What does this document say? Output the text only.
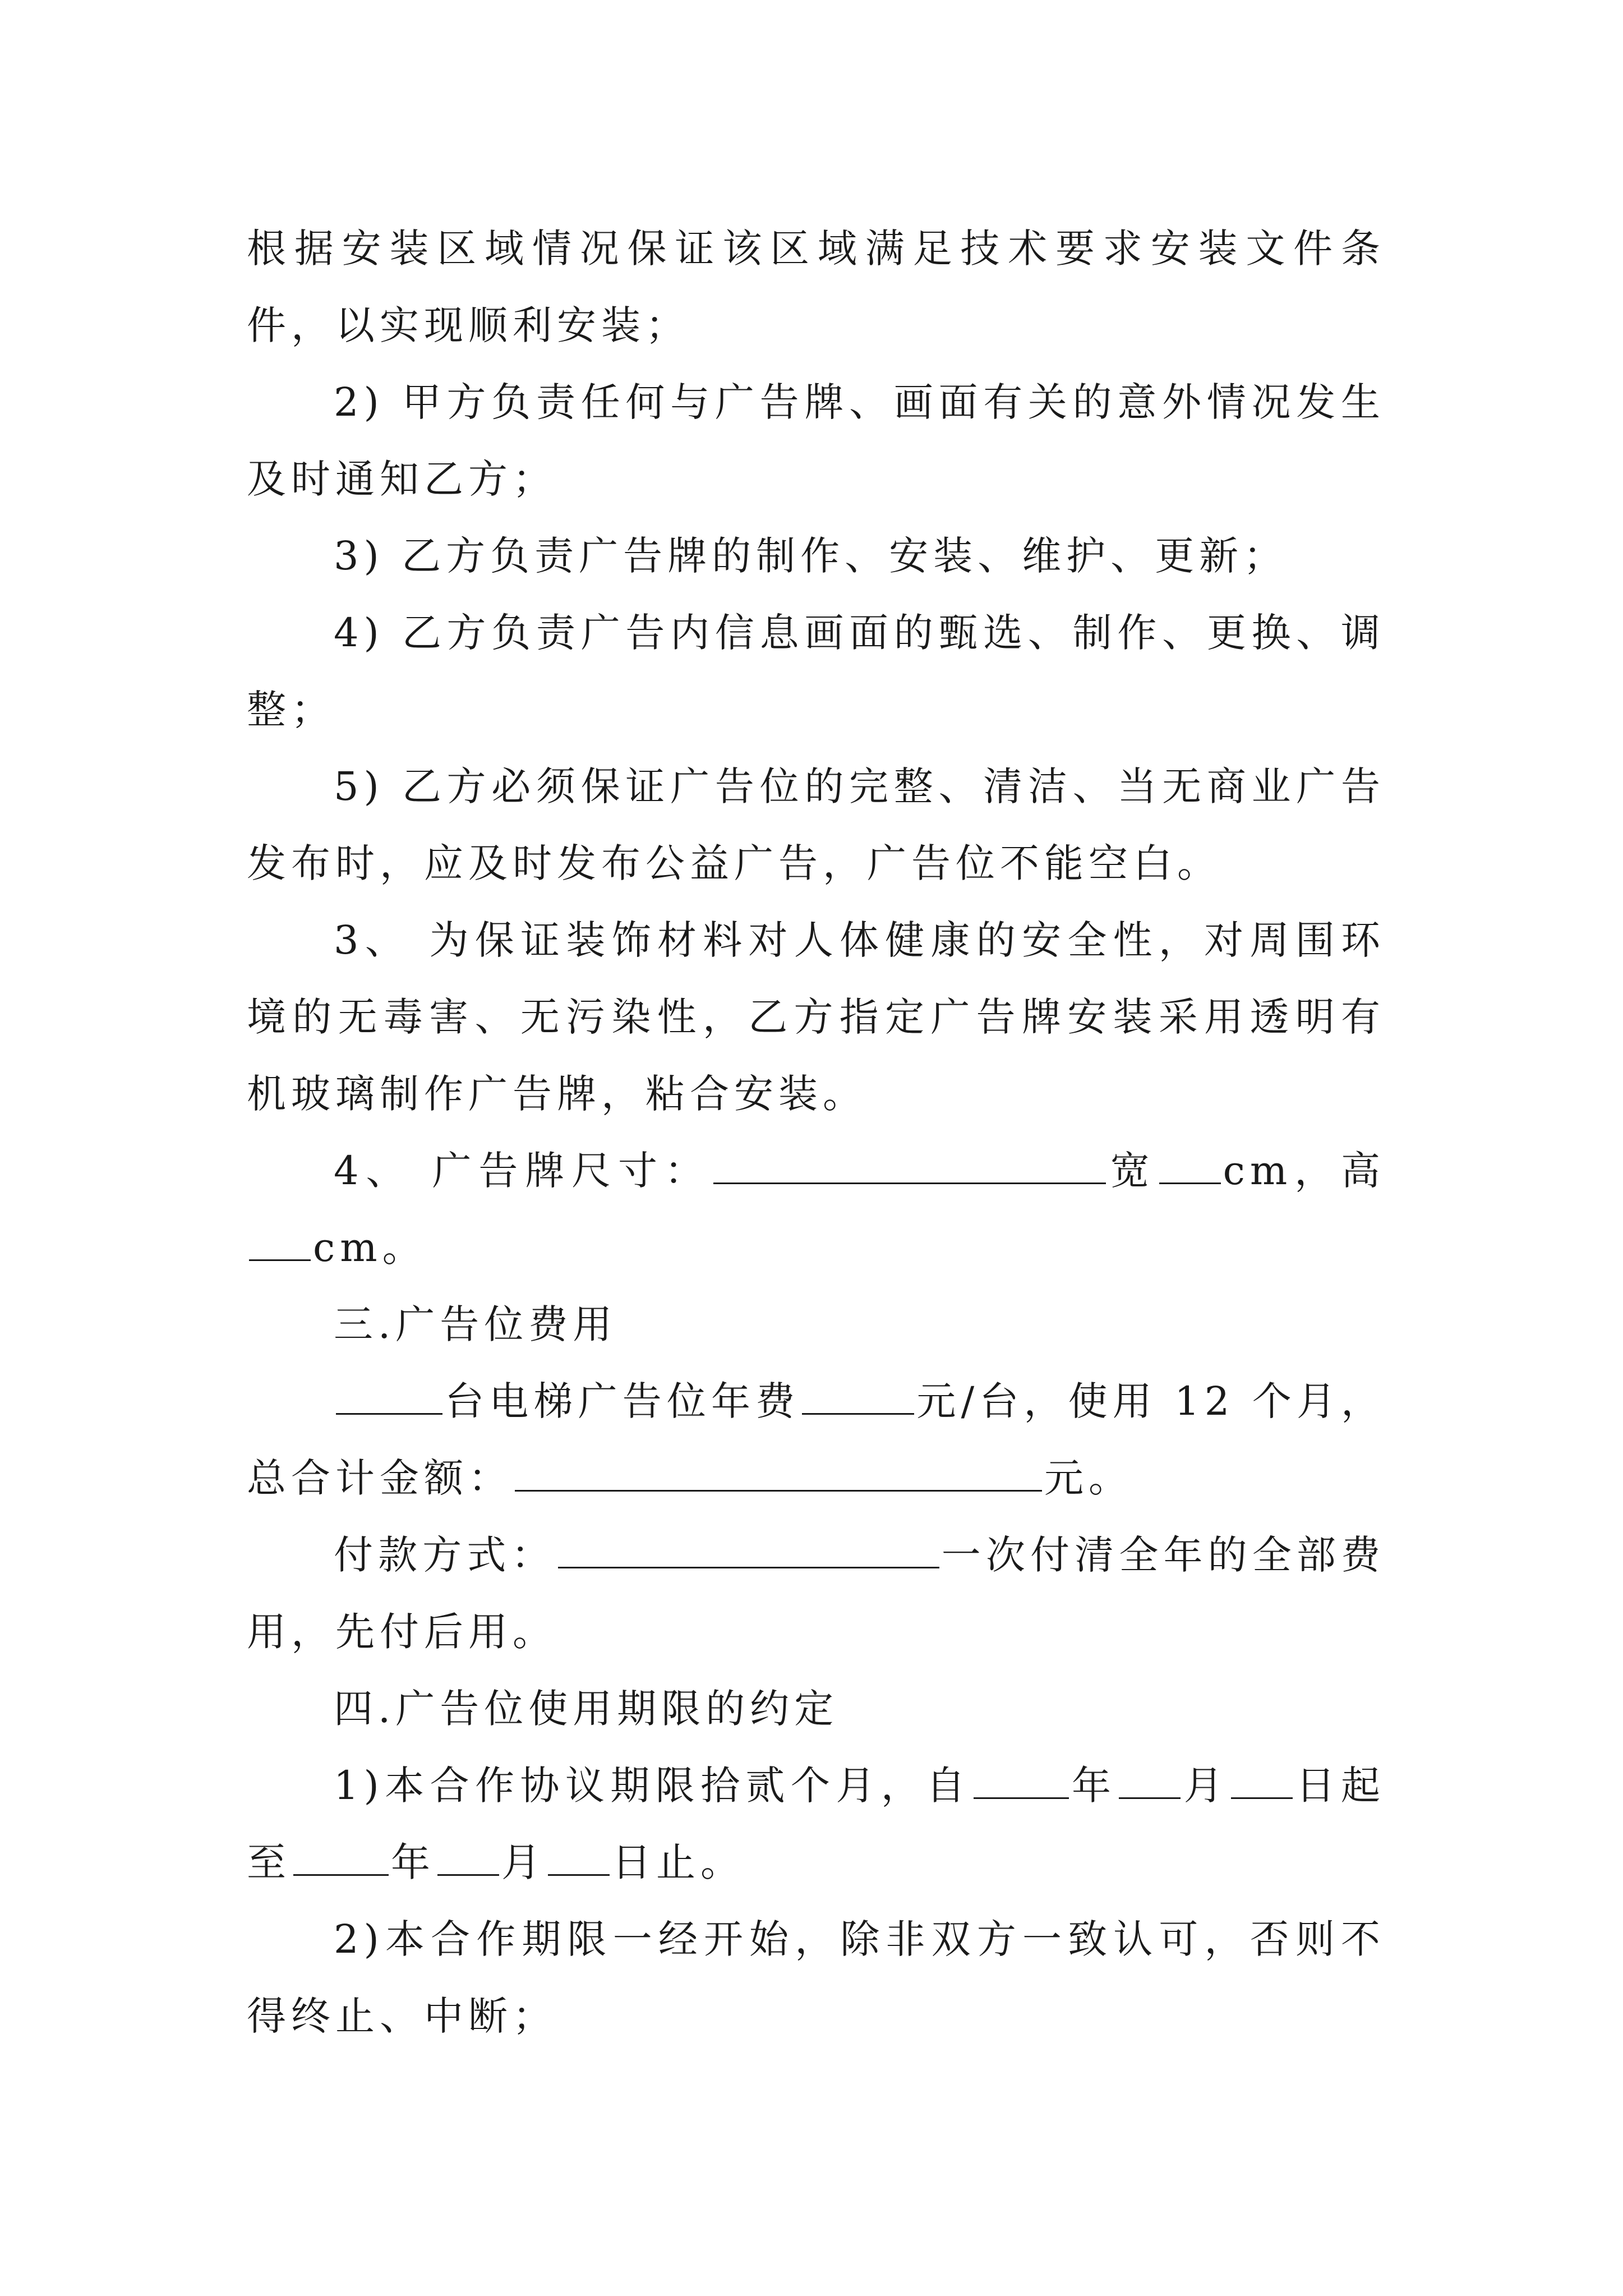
根据安装区域情况保证该区域满足技术要求安装文件条件，以实现顺利安装；

2) 甲方负责任何与广告牌、画面有关的意外情况发生及时通知乙方；

3) 乙方负责广告牌的制作、安装、维护、更新；

4) 乙方负责广告内信息画面的甄选、制作、更换、调整；

5) 乙方必须保证广告位的完整、清洁、当无商业广告发布时，应及时发布公益广告，广告位不能空白。

3、 为保证装饰材料对人体健康的安全性，对周围环境的无毒害、无污染性，乙方指定广告牌安装采用透明有机玻璃制作广告牌，粘合安装。

4、 广告牌尺寸：	宽 cm，高cm。

三.广告位费用

台电梯广告位年费	元/台，使用 12 个月，总合计金额：	元。

付款方式：	一次付清全年的全部费用，先付后用。

四.广告位使用期限的约定

1)本合作协议期限拾贰个月，自	年 月 日起至	年 月 日止。

2)本合作期限一经开始，除非双方一致认可，否则不得终止、中断；
